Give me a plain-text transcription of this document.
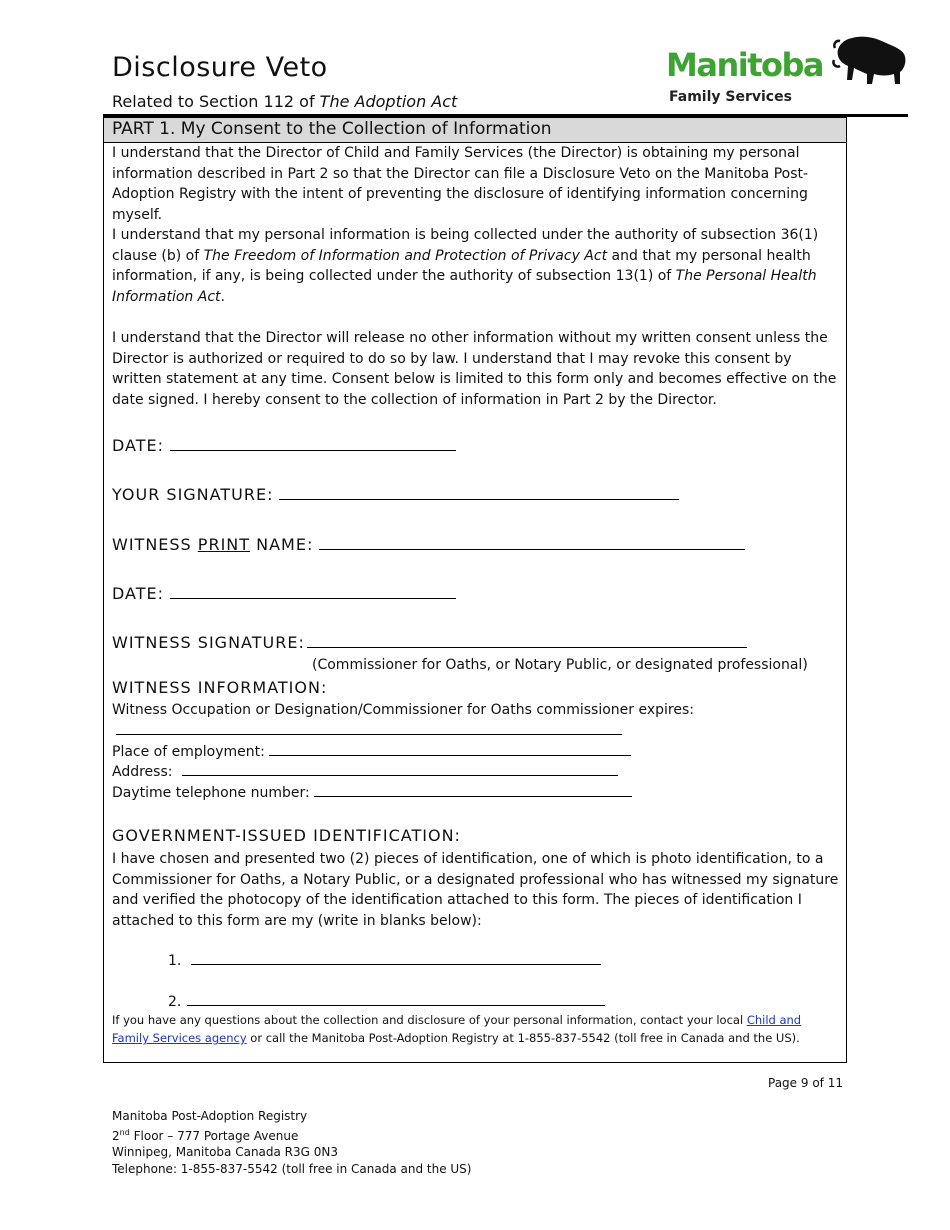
Disclosure Veto
Related to Section 112 of The Adoption Act
Manitoba
Family Services
PART 1. My Consent to the Collection of Information
I understand that the Director of Child and Family Services (the Director) is obtaining my personal information described in Part 2 so that the Director can file a Disclosure Veto on the Manitoba Post-Adoption Registry with the intent of preventing the disclosure of identifying information concerning myself.
I understand that my personal information is being collected under the authority of subsection 36(1) clause (b) of The Freedom of Information and Protection of Privacy Act and that my personal health information, if any, is being collected under the authority of subsection 13(1) of The Personal Health Information Act.
I understand that the Director will release no other information without my written consent unless the Director is authorized or required to do so by law. I understand that I may revoke this consent by written statement at any time. Consent below is limited to this form only and becomes effective on the date signed. I hereby consent to the collection of information in Part 2 by the Director.
DATE:
YOUR SIGNATURE:
WITNESS PRINT NAME:
DATE:
WITNESS SIGNATURE:
(Commissioner for Oaths, or Notary Public, or designated professional)
WITNESS INFORMATION:
Witness Occupation or Designation/Commissioner for Oaths commissioner expires:
Place of employment:
Address:
Daytime telephone number:
GOVERNMENT-ISSUED IDENTIFICATION:
I have chosen and presented two (2) pieces of identification, one of which is photo identification, to a Commissioner for Oaths, a Notary Public, or a designated professional who has witnessed my signature and verified the photocopy of the identification attached to this form. The pieces of identification I attached to this form are my (write in blanks below):
1.
2.
If you have any questions about the collection and disclosure of your personal information, contact your local Child and Family Services agency or call the Manitoba Post-Adoption Registry at 1-855-837-5542 (toll free in Canada and the US).
Page 9 of 11
Manitoba Post-Adoption Registry
2nd Floor – 777 Portage Avenue
Winnipeg, Manitoba Canada R3G 0N3
Telephone: 1-855-837-5542 (toll free in Canada and the US)
